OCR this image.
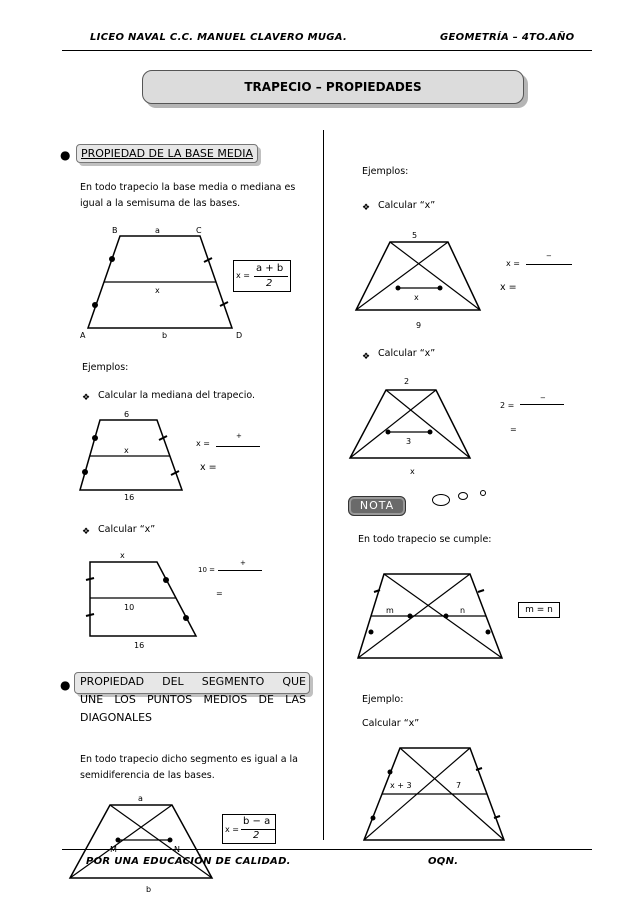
LICEO NAVAL C.C. MANUEL CLAVERO MUGA.	GEOMETRÍA – 4TO.AÑO
TRAPECIO – PROPIEDADES
● PROPIEDAD DE LA BASE MEDIA
En todo trapecio la base media o mediana es
igual a la semisuma de las bases.
B	a	C
x
A	b	D
x =
a + b
2
Ejemplos:
❖ Calcular la mediana del trapecio.
6
x
16
x =
+
x =
❖ Calcular “x”
x
10
16
10 =
+
=
● PROPIEDAD DEL SEGMENTO QUE
UNE LOS PUNTOS MEDIOS DE LAS
DIAGONALES
En todo trapecio dicho segmento es igual a la
semidiferencia de las bases.
a
b
x =
b − a
2
Ejemplos:
❖ Calcular “x”
5
x
9
x =
−
x =
❖ Calcular “x”
2
3
x
2 =
−
=
NOTA
En todo trapecio se cumple:
m	n	m = n
Ejemplo:
Calcular “x”
x + 3	7
POR UNA EDUCACIÓN DE CALIDAD.	OQN.
